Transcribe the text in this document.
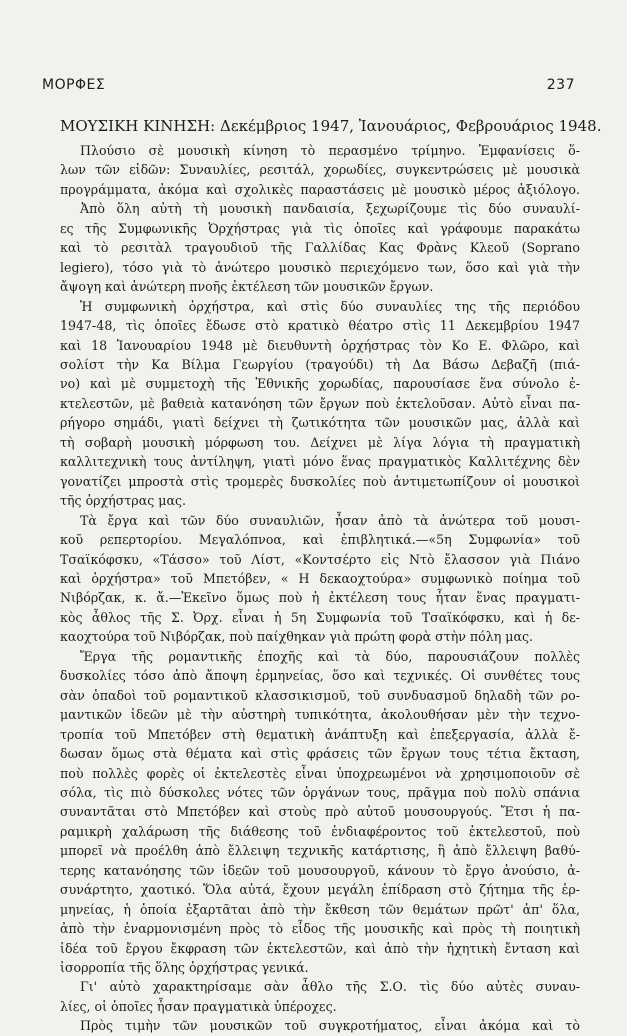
ΜΟΡΦΕΣ	237
ΜΟΥΣΙΚΗ ΚΙΝΗΣΗ: Δεκέμβριος 1947, Ἰανουάριος, Φεβρουάριος 1948.
Πλούσιο σὲ μουσικὴ κίνηση τὸ περασμένο τρίμηνο. Ἐμφανίσεις ὅ-
λων τῶν εἰδῶν: Συναυλίες, ρεσιτάλ, χορωδίες, συγκεντρώσεις μὲ μουσικὰ
προγράμματα, ἀκόμα καὶ σχολικὲς παραστάσεις μὲ μουσικὸ μέρος ἀξιόλογο.
Ἀπὸ ὅλη αὐτὴ τὴ μουσικὴ πανδαισία, ξεχωρίζουμε τὶς δύο συναυλί-
ες τῆς Συμφωνικῆς Ὀρχήστρας γιὰ τὶς ὁποῖες καὶ γράφουμε παρακάτω
καὶ τὸ ρεσιτὰλ τραγουδιοῦ τῆς Γαλλίδας Κας Φρὰνς Κλεοῦ (Soprano
legiero), τόσο γιὰ τὸ ἀνώτερο μουσικὸ περιεχόμενο των, ὅσο καὶ γιὰ τὴν
ἄψογη καὶ ἀνώτερη πνοῆς ἐκτέλεση τῶν μουσικῶν ἔργων.
Ἡ συμφωνικὴ ὀρχήστρα, καὶ στὶς δύο συναυλίες της τῆς περιόδου
1947-48, τὶς ὁποῖες ἔδωσε στὸ κρατικὸ θέατρο στὶς 11 Δεκεμβρίου 1947
καὶ 18 Ἰανουαρίου 1948 μὲ διευθυντὴ ὀρχήστρας τὸν Κο Ε. Φλῶρο, καὶ
σολίστ τὴν Κα Βίλμα Γεωργίου (τραγούδι) τὴ Δα Βάσω Δεβαζῆ (πιά-
νο) καὶ μὲ συμμετοχὴ τῆς Ἐθνικῆς χορωδίας, παρουσίασε ἕνα σύνολο ἐ-
κτελεστῶν, μὲ βαθειὰ κατανόηση τῶν ἔργων ποὺ ἐκτελοῦσαν. Αὐτὸ εἶναι πα-
ρήγορο σημάδι, γιατὶ δείχνει τὴ ζωτικότητα τῶν μουσικῶν μας, ἀλλὰ καὶ
τὴ σοβαρὴ μουσικὴ μόρφωση του. Δείχνει μὲ λίγα λόγια τὴ πραγματικὴ
καλλιτεχνικὴ τους ἀντίληψη, γιατὶ μόνο ἕνας πραγματικὸς Καλλιτέχνης δὲν
γονατίζει μπροστὰ στὶς τρομερὲς δυσκολίες ποὺ ἀντιμετωπίζουν οἱ μουσικοὶ
τῆς ὀρχήστρας μας.
Τὰ ἔργα καὶ τῶν δύο συναυλιῶν, ἦσαν ἀπὸ τὰ ἀνώτερα τοῦ μουσι-
κοῦ ρεπερτορίου. Μεγαλόπνοα, καὶ ἐπιβλητικά.—«5η Συμφωνία» τοῦ
Τσαϊκόφσκυ, «Τάσσο» τοῦ Λίστ, «Κοντσέρτο εἰς Ντὸ ἔλασσον γιὰ Πιάνο
καὶ ὀρχήστρα» τοῦ Μπετόβεν, « Η δεκαοχτούρα» συμφωνικὸ ποίημα τοῦ
Νιβόρζακ, κ. ἄ.—Ἐκεῖνο ὅμως ποὺ ἡ ἐκτέλεση τους ἦταν ἕνας πραγματι-
κὸς ἆθλος τῆς Σ. Ὀρχ. εἶναι ἡ 5η Συμφωνία τοῦ Τσαϊκόφσκυ, καὶ ἡ δε-
καοχτούρα τοῦ Νιβόρζακ, ποὺ παίχθηκαν γιὰ πρώτη φορὰ στὴν πόλη μας.
Ἔργα τῆς ρομαντικῆς ἐποχῆς καὶ τὰ δύο, παρουσιάζουν πολλὲς
δυσκολίες τόσο ἀπὸ ἄποψη ἑρμηνείας, ὅσο καὶ τεχνικές. Οἱ συνθέτες τους
σὰν ὁπαδοὶ τοῦ ρομαντικοῦ κλασσικισμοῦ, τοῦ συνδυασμοῦ δηλαδὴ τῶν ρο-
μαντικῶν ἰδεῶν μὲ τὴν αὐστηρὴ τυπικότητα, ἀκολουθήσαν μὲν τὴν τεχνο-
τροπία τοῦ Μπετόβεν στὴ θεματικὴ ἀνάπτυξη καὶ ἐπεξεργασία, ἀλλὰ ἔ-
δωσαν ὅμως στὰ θέματα καὶ στὶς φράσεις τῶν ἔργων τους τέτια ἔκταση,
ποὺ πολλὲς φορὲς οἱ ἐκτελεστὲς εἶναι ὑποχρεωμένοι νὰ χρησιμοποιοῦν σὲ
σόλα, τὶς πιὸ δύσκολες νότες τῶν ὀργάνων τους, πρᾶγμα ποὺ πολὺ σπάνια
συναντᾶται στὸ Μπετόβεν καὶ στοὺς πρὸ αὐτοῦ μουσουργούς. Ἔτσι ἡ πα-
ραμικρὴ χαλάρωση τῆς διάθεσης τοῦ ἐνδιαφέροντος τοῦ ἐκτελεστοῦ, ποὺ
μπορεῖ νὰ προέλθη ἀπὸ ἔλλειψη τεχνικῆς κατάρτισης, ἢ ἀπὸ ἔλλειψη βαθύ-
τερης κατανόησης τῶν ἰδεῶν τοῦ μουσουργοῦ, κάνουν τὸ ἔργο ἀνούσιο, ἀ-
συνάρτητο, χαοτικό. Ὅλα αὐτά, ἔχουν μεγάλη ἐπίδραση στὸ ζήτημα τῆς ἑρ-
μηνείας, ἡ ὁποία ἐξαρτᾶται ἀπὸ τὴν ἔκθεση τῶν θεμάτων πρῶτ' ἀπ' ὅλα,
ἀπὸ τὴν ἐναρμονισμένη πρὸς τὸ εἶδος τῆς μουσικῆς καὶ πρὸς τὴ ποιητικὴ
ἰδέα τοῦ ἔργου ἔκφραση τῶν ἐκτελεστῶν, καὶ ἀπὸ τὴν ἠχητικὴ ἔνταση καὶ
ἰσορροπία τῆς ὅλης ὀρχήστρας γενικά.
Γι' αὐτὸ χαρακτηρίσαμε σὰν ἆθλο τῆς Σ.Ο. τὶς δύο αὐτὲς συναυ-
λίες, οἱ ὁποῖες ἦσαν πραγματικὰ ὑπέροχες.
Πρὸς τιμὴν τῶν μουσικῶν τοῦ συγκροτήματος, εἶναι ἀκόμα καὶ τὸ
